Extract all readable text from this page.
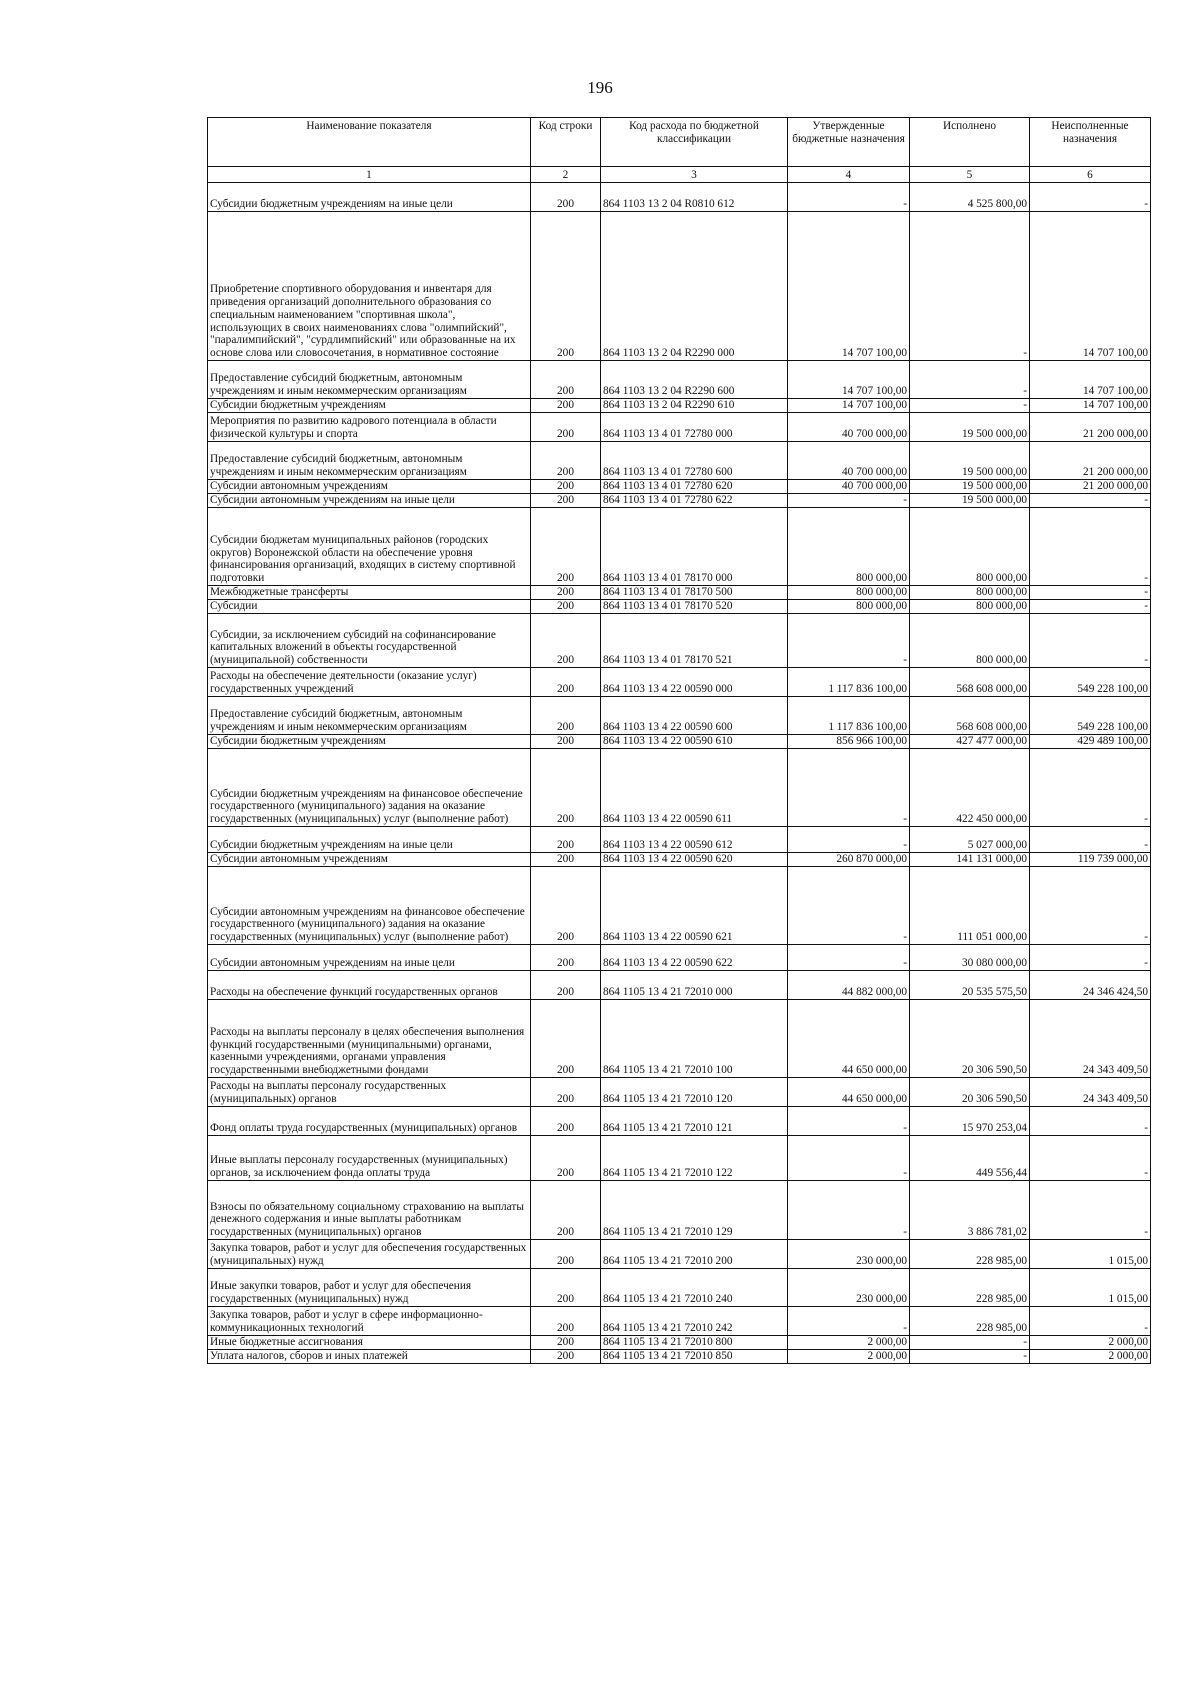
196
Наименование показателя	Код строки	Код расхода по бюджетной классификации	Утвержденные бюджетные назначения	Исполнено	Неисполненные назначения
1	2	3	4	5	6
Субсидии бюджетным учреждениям на иные цели	200	864 1103 13 2 04 R0810 612	-	4 525 800,00	-
Приобретение спортивного оборудования и инвентаря для приведения организаций дополнительного образования со специальным наименованием "спортивная школа", использующих в своих наименованиях слова "олимпийский", "паралимпийский", "сурдлимпийский" или образованные на их основе слова или словосочетания, в нормативное состояние	200	864 1103 13 2 04 R2290 000	14 707 100,00	-	14 707 100,00
Предоставление субсидий бюджетным, автономным учреждениям и иным некоммерческим организациям	200	864 1103 13 2 04 R2290 600	14 707 100,00	-	14 707 100,00
Субсидии бюджетным учреждениям	200	864 1103 13 2 04 R2290 610	14 707 100,00	-	14 707 100,00
Мероприятия по развитию кадрового потенциала в области физической культуры и спорта	200	864 1103 13 4 01 72780 000	40 700 000,00	19 500 000,00	21 200 000,00
Предоставление субсидий бюджетным, автономным учреждениям и иным некоммерческим организациям	200	864 1103 13 4 01 72780 600	40 700 000,00	19 500 000,00	21 200 000,00
Субсидии автономным учреждениям	200	864 1103 13 4 01 72780 620	40 700 000,00	19 500 000,00	21 200 000,00
Субсидии автономным учреждениям на иные цели	200	864 1103 13 4 01 72780 622	-	19 500 000,00	-
Субсидии бюджетам муниципальных районов (городских округов) Воронежской области на обеспечение уровня финансирования организаций, входящих в систему спортивной подготовки	200	864 1103 13 4 01 78170 000	800 000,00	800 000,00	-
Межбюджетные трансферты	200	864 1103 13 4 01 78170 500	800 000,00	800 000,00	-
Субсидии	200	864 1103 13 4 01 78170 520	800 000,00	800 000,00	-
Субсидии, за исключением субсидий на софинансирование капитальных вложений в объекты государственной (муниципальной) собственности	200	864 1103 13 4 01 78170 521	-	800 000,00	-
Расходы на обеспечение деятельности (оказание услуг) государственных учреждений	200	864 1103 13 4 22 00590 000	1 117 836 100,00	568 608 000,00	549 228 100,00
Предоставление субсидий бюджетным, автономным учреждениям и иным некоммерческим организациям	200	864 1103 13 4 22 00590 600	1 117 836 100,00	568 608 000,00	549 228 100,00
Субсидии бюджетным учреждениям	200	864 1103 13 4 22 00590 610	856 966 100,00	427 477 000,00	429 489 100,00
Субсидии бюджетным учреждениям на финансовое обеспечение государственного (муниципального) задания на оказание государственных (муниципальных) услуг (выполнение работ)	200	864 1103 13 4 22 00590 611	-	422 450 000,00	-
Субсидии бюджетным учреждениям на иные цели	200	864 1103 13 4 22 00590 612	-	5 027 000,00	-
Субсидии автономным учреждениям	200	864 1103 13 4 22 00590 620	260 870 000,00	141 131 000,00	119 739 000,00
Субсидии автономным учреждениям на финансовое обеспечение государственного (муниципального) задания на оказание государственных (муниципальных) услуг (выполнение работ)	200	864 1103 13 4 22 00590 621	-	111 051 000,00	-
Субсидии автономным учреждениям на иные цели	200	864 1103 13 4 22 00590 622	-	30 080 000,00	-
Расходы на обеспечение функций государственных органов	200	864 1105 13 4 21 72010 000	44 882 000,00	20 535 575,50	24 346 424,50
Расходы на выплаты персоналу в целях обеспечения выполнения функций государственными (муниципальными) органами, казенными учреждениями, органами управления государственными внебюджетными фондами	200	864 1105 13 4 21 72010 100	44 650 000,00	20 306 590,50	24 343 409,50
Расходы на выплаты персоналу государственных (муниципальных) органов	200	864 1105 13 4 21 72010 120	44 650 000,00	20 306 590,50	24 343 409,50
Фонд оплаты труда государственных (муниципальных) органов	200	864 1105 13 4 21 72010 121	-	15 970 253,04	-
Иные выплаты персоналу государственных (муниципальных) органов, за исключением фонда оплаты труда	200	864 1105 13 4 21 72010 122	-	449 556,44	-
Взносы по обязательному социальному страхованию на выплаты денежного содержания и иные выплаты работникам государственных (муниципальных) органов	200	864 1105 13 4 21 72010 129	-	3 886 781,02	-
Закупка товаров, работ и услуг для обеспечения государственных (муниципальных) нужд	200	864 1105 13 4 21 72010 200	230 000,00	228 985,00	1 015,00
Иные закупки товаров, работ и услуг для обеспечения государственных (муниципальных) нужд	200	864 1105 13 4 21 72010 240	230 000,00	228 985,00	1 015,00
Закупка товаров, работ и услуг в сфере информационно-коммуникационных технологий	200	864 1105 13 4 21 72010 242	-	228 985,00	-
Иные бюджетные ассигнования	200	864 1105 13 4 21 72010 800	2 000,00	-	2 000,00
Уплата налогов, сборов и иных платежей	200	864 1105 13 4 21 72010 850	2 000,00	-	2 000,00
